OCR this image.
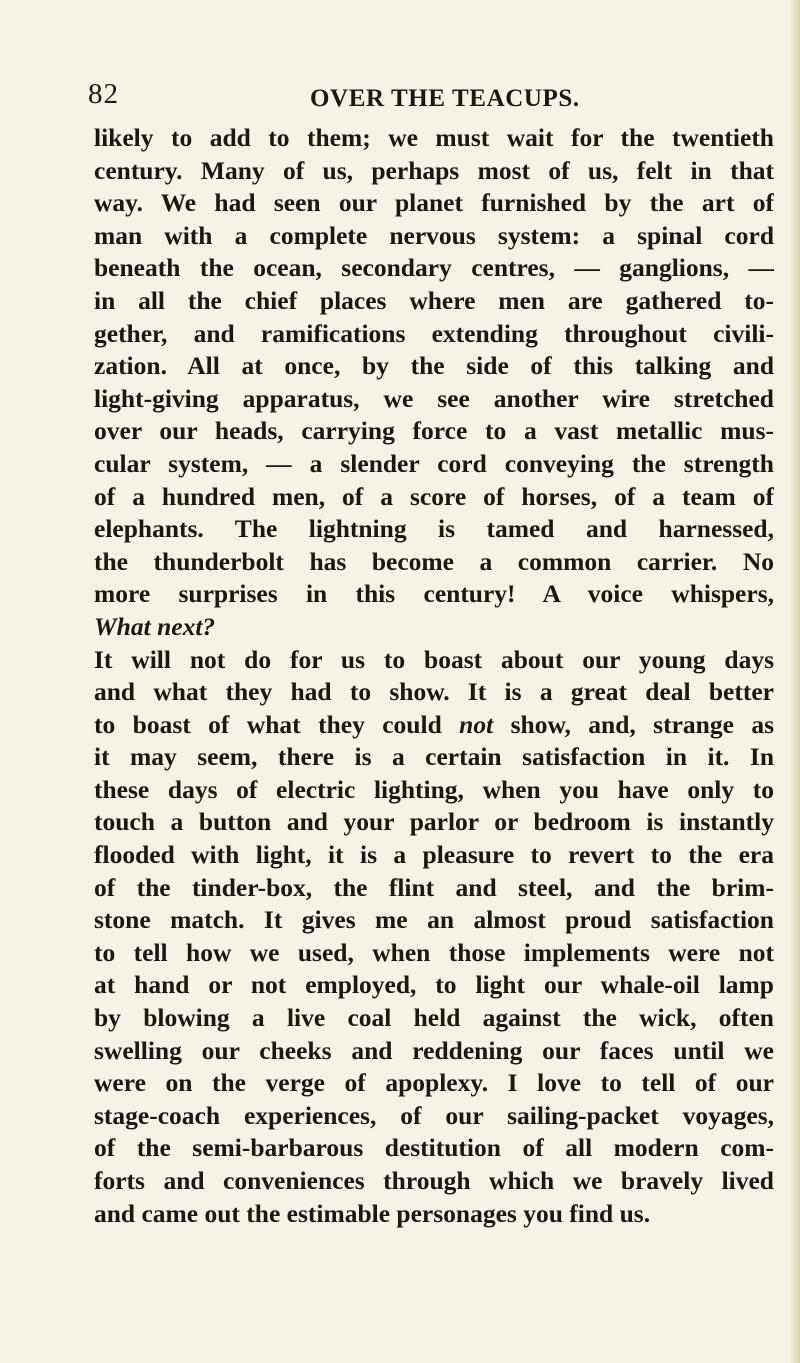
82	OVER THE TEACUPS.
likely to add to them; we must wait for the twentieth
century. Many of us, perhaps most of us, felt in that
way. We had seen our planet furnished by the art of
man with a complete nervous system: a spinal cord
beneath the ocean, secondary centres, — ganglions, —
in all the chief places where men are gathered to-
gether, and ramifications extending throughout civili-
zation. All at once, by the side of this talking and
light-giving apparatus, we see another wire stretched
over our heads, carrying force to a vast metallic mus-
cular system, — a slender cord conveying the strength
of a hundred men, of a score of horses, of a team of
elephants. The lightning is tamed and harnessed,
the thunderbolt has become a common carrier. No
more surprises in this century! A voice whispers,
What next?
It will not do for us to boast about our young days
and what they had to show. It is a great deal better
to boast of what they could not show, and, strange as
it may seem, there is a certain satisfaction in it. In
these days of electric lighting, when you have only to
touch a button and your parlor or bedroom is instantly
flooded with light, it is a pleasure to revert to the era
of the tinder-box, the flint and steel, and the brim-
stone match. It gives me an almost proud satisfaction
to tell how we used, when those implements were not
at hand or not employed, to light our whale-oil lamp
by blowing a live coal held against the wick, often
swelling our cheeks and reddening our faces until we
were on the verge of apoplexy. I love to tell of our
stage-coach experiences, of our sailing-packet voyages,
of the semi-barbarous destitution of all modern com-
forts and conveniences through which we bravely lived
and came out the estimable personages you find us.
